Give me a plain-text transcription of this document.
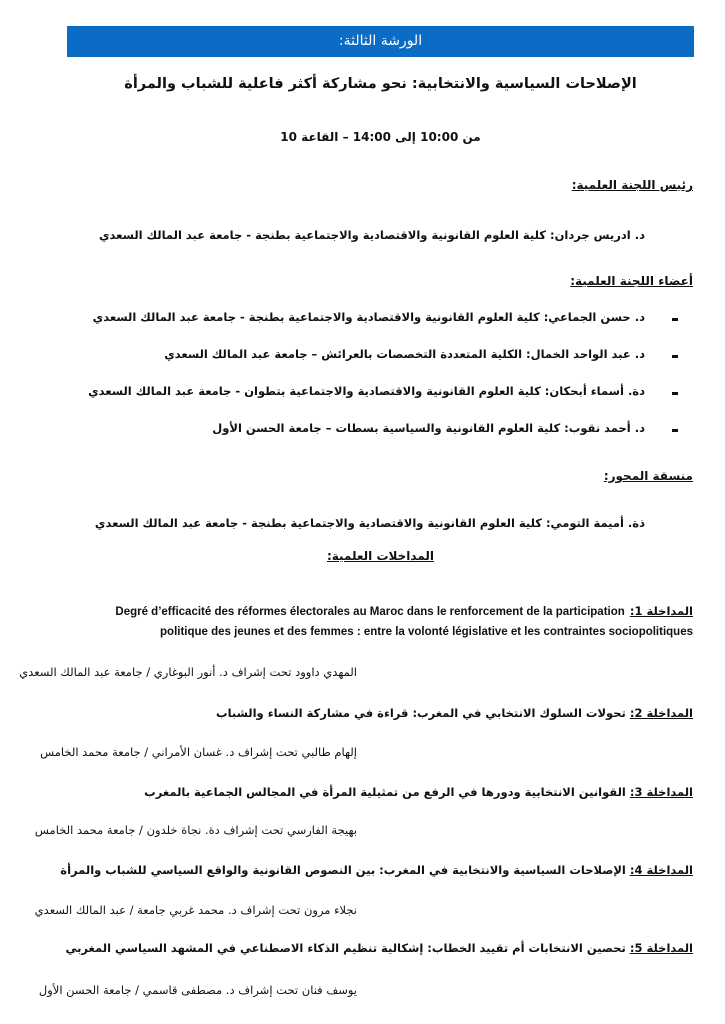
الورشة الثالثة:
الإصلاحات السياسية والانتخابية: نحو مشاركة أكثر فاعلية للشباب والمرأة
من 10:00 إلى 14:00 – القاعة 10
رئيس اللجنة العلمية:
د. ادريس جردان: كلية العلوم القانونية والاقتصادية والاجتماعية بطنجة - جامعة عبد المالك السعدي
أعضاء اللجنة العلمية:
د. حسن الجماعي: كلية العلوم القانونية والاقتصادية والاجتماعية بطنجة - جامعة عبد المالك السعدي
د. عبد الواحد الخمال: الكلية المتعددة التخصصات بالعرائش – جامعة عبد المالك السعدي
دة. أسماء أبحكان: كلية العلوم القانونية والاقتصادية والاجتماعية بتطوان - جامعة عبد المالك السعدي
د. أحمد نقوب: كلية العلوم القانونية والسياسية بسطات – جامعة الحسن الأول
منسقة المحور:
ذة. أميمة التومي: كلية العلوم القانونية والاقتصادية والاجتماعية بطنجة - جامعة عبد المالك السعدي
المداخلات العلمية:
المداخلة 1: Degré d’efficacité des réformes électorales au Maroc dans le renforcement de la participation
politique des jeunes et des femmes : entre la volonté législative et les contraintes sociopolitiques
المهدي داوود تحت إشراف د. أنور البوغاري / جامعة عبد المالك السعدي
المداخلة 2: تحولات السلوك الانتخابي في المغرب: قراءة في مشاركة النساء والشباب
إلهام طالبي تحت إشراف د. غسان الأمراني / جامعة محمد الخامس
المداخلة 3: القوانين الانتخابية ودورها في الرفع من تمثيلية المرأة في المجالس الجماعية بالمغرب
بهيجة الفارسي تحت إشراف دة. نجاة خلدون / جامعة محمد الخامس
المداخلة 4: الإصلاحات السياسية والانتخابية في المغرب: بين النصوص القانونية والواقع السياسي للشباب والمرأة
نجلاء مرون تحت إشراف د. محمد غربي جامعة / عبد المالك السعدي
المداخلة 5: تحصين الانتخابات أم تقييد الخطاب: إشكالية تنظيم الذكاء الاصطناعي في المشهد السياسي المغربي
يوسف فنان تحت إشراف د. مصطفى قاسمي / جامعة الحسن الأول
